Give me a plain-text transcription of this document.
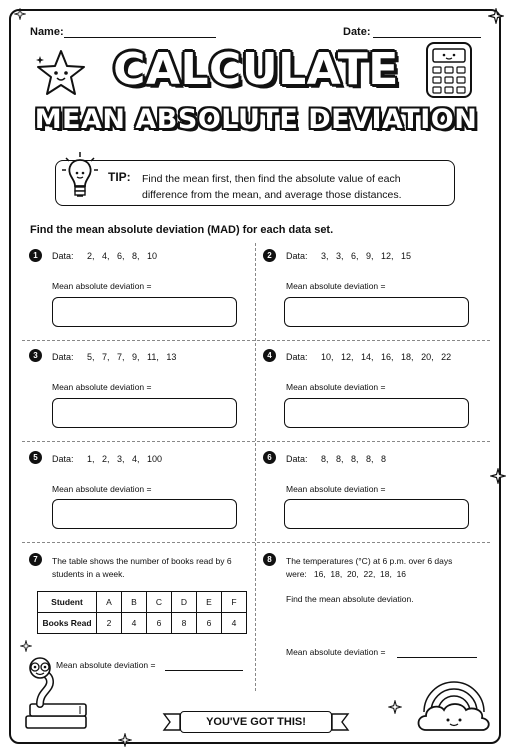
Name:	Date:
CALCULATE
MEAN ABSOLUTE DEVIATION
TIP: Find the mean first, then find the absolute value of each difference from the mean, and average those distances.
Find the mean absolute deviation (MAD) for each data set.
1	Data: 2,   4,   6,   8,   10
Mean absolute deviation =
2	Data: 3,   3,   6,   9,   12,   15
Mean absolute deviation =
3	Data: 5,   7,   7,   9,   11,   13
Mean absolute deviation =
4	Data: 10,   12,   14,   16,   18,   20,   22
Mean absolute deviation =
5	Data: 1,   2,   3,   4,   100
Mean absolute deviation =
6	Data: 8,   8,   8,   8,   8
Mean absolute deviation =
7	The table shows the number of books read by 6 students in a week.
Student	A	B	C	D	E	F
Books Read	2	4	6	8	6	4
Mean absolute deviation =
8	The temperatures (°C) at 6 p.m. over 6 days
were:   16,  18,  20,  22,  18,  16
Find the mean absolute deviation.
Mean absolute deviation =
YOU'VE GOT THIS!
